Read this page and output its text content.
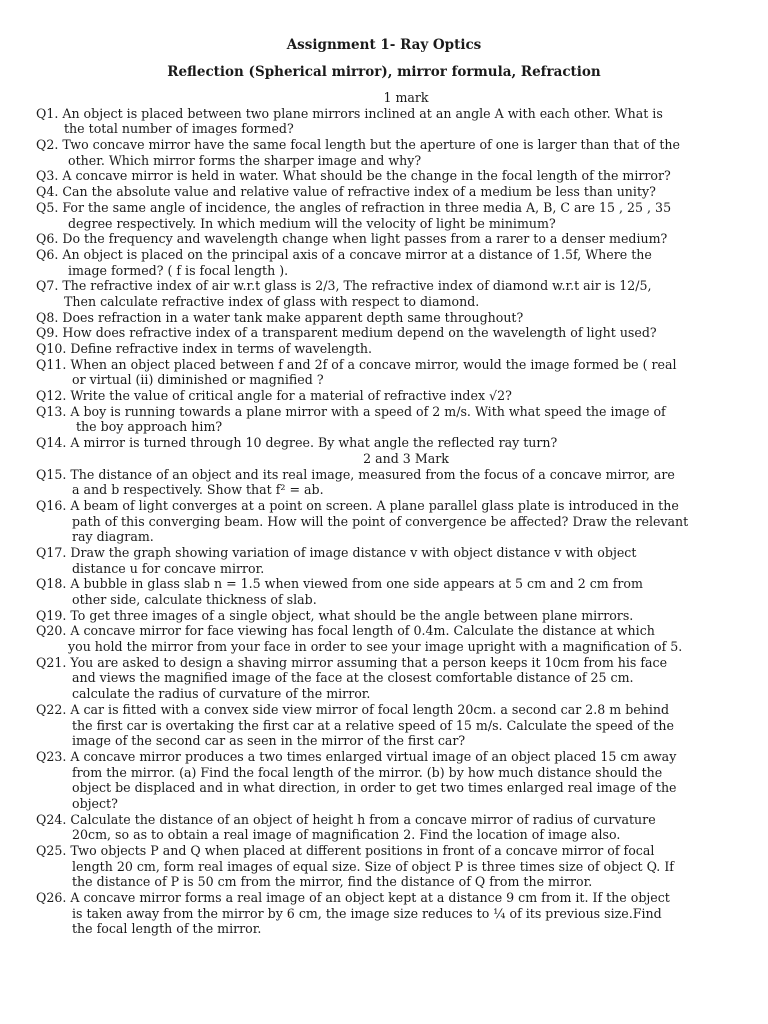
Assignment 1- Ray Optics
Reflection (Spherical mirror), mirror formula, Refraction
1 mark
Q1. An object is placed between two plane mirrors inclined at an angle A with each other. What is
the total number of images formed?
Q2. Two concave mirror have the same focal length but the aperture of one is larger than that of the
other. Which mirror forms the sharper image and why?
Q3. A concave mirror is held in water. What should be the change in the focal length of the mirror?
Q4. Can the absolute value and relative value of refractive index of a medium be less than unity?
Q5. For the same angle of incidence, the angles of refraction in three media A, B, C are 15 , 25 , 35
degree respectively. In which medium will the velocity of light be minimum?
Q6. Do the frequency and wavelength change when light passes from a rarer to a denser medium?
Q6. An object is placed on the principal axis of a concave mirror at a distance of 1.5f, Where the
image formed? ( f is focal length ).
Q7. The refractive index of air w.r.t glass is 2/3, The refractive index of diamond w.r.t air is 12/5,
Then calculate refractive index of glass with respect to diamond.
Q8. Does refraction in a water tank make apparent depth same throughout?
Q9. How does refractive index of a transparent medium depend on the wavelength of light used?
Q10. Define refractive index in terms of wavelength.
Q11. When an object placed between f and 2f of a concave mirror, would the image formed be ( real
or virtual (ii) diminished or magnified ?
Q12. Write the value of critical angle for a material of refractive index √2?
Q13. A boy is running towards a plane mirror with a speed of 2 m/s. With what speed the image of
the boy approach him?
Q14. A mirror is turned through 10 degree. By what angle the reflected ray turn?
2 and 3 Mark
Q15. The distance of an object and its real image, measured from the focus of a concave mirror, are
a and b respectively. Show that f² = ab.
Q16. A beam of light converges at a point on screen. A plane parallel glass plate is introduced in the
path of this converging beam. How will the point of convergence be affected? Draw the relevant
ray diagram.
Q17. Draw the graph showing variation of image distance v with object distance v with object
distance u for concave mirror.
Q18. A bubble in glass slab n = 1.5 when viewed from one side appears at 5 cm and 2 cm from
other side, calculate thickness of slab.
Q19. To get three images of a single object, what should be the angle between plane mirrors.
Q20. A concave mirror for face viewing has focal length of 0.4m. Calculate the distance at which
you hold the mirror from your face in order to see your image upright with a magnification of 5.
Q21. You are asked to design a shaving mirror assuming that a person keeps it 10cm from his face
and views the magnified image of the face at the closest comfortable distance of 25 cm.
calculate the radius of curvature of the mirror.
Q22. A car is fitted with a convex side view mirror of focal length 20cm. a second car 2.8 m behind
the first car is overtaking the first car at a relative speed of 15 m/s. Calculate the speed of the
image of the second car as seen in the mirror of the first car?
Q23. A concave mirror produces a two times enlarged virtual image of an object placed 15 cm away
from the mirror. (a) Find the focal length of the mirror. (b) by how much distance should the
object be displaced and in what direction, in order to get two times enlarged real image of the
object?
Q24. Calculate the distance of an object of height h from a concave mirror of radius of curvature
20cm, so as to obtain a real image of magnification 2. Find the location of image also.
Q25. Two objects P and Q when placed at different positions in front of a concave mirror of focal
length 20 cm, form real images of equal size. Size of object P is three times size of object Q. If
the distance of P is 50 cm from the mirror, find the distance of Q from the mirror.
Q26. A concave mirror forms a real image of an object kept at a distance 9 cm from it. If the object
is taken away from the mirror by 6 cm, the image size reduces to ¼ of its previous size.Find
the focal length of the mirror.
